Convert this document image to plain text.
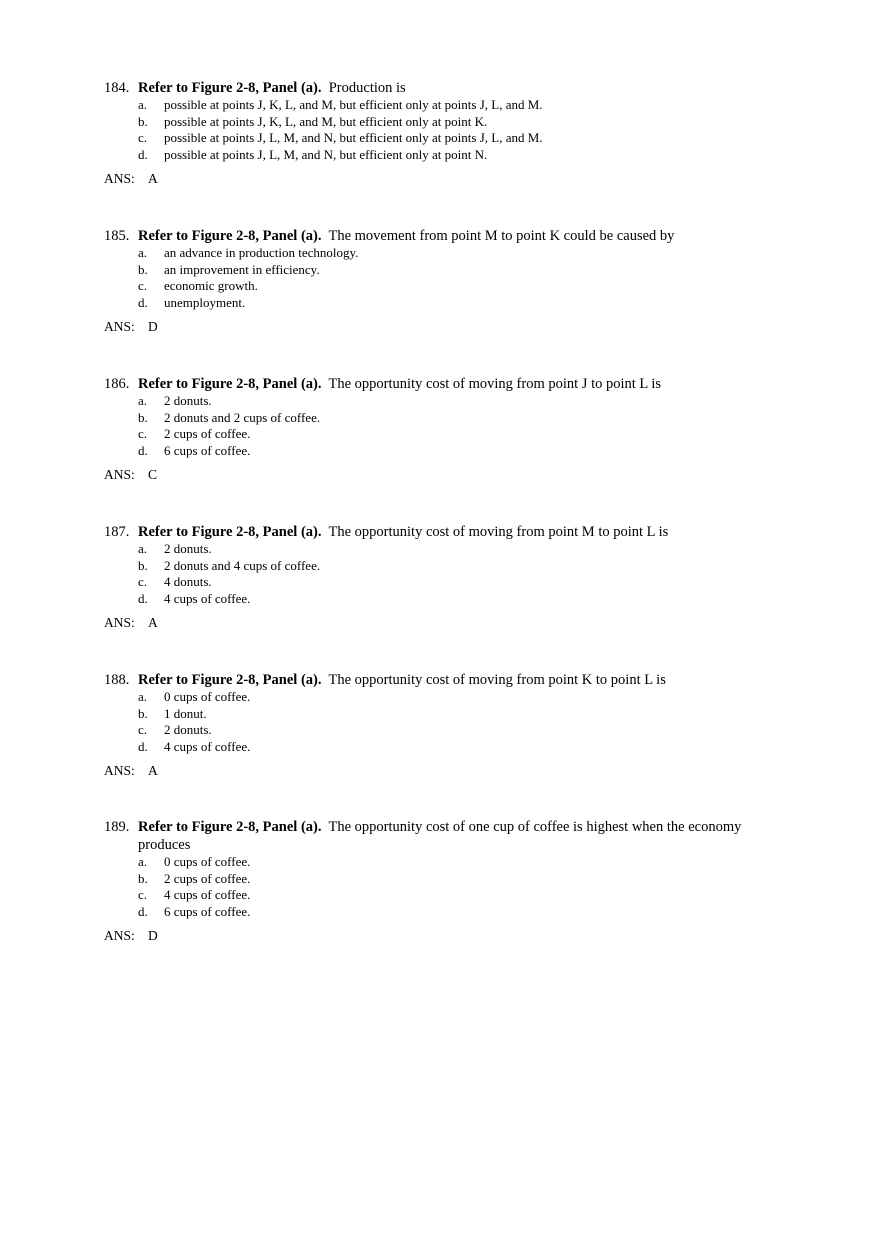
184. Refer to Figure 2-8, Panel (a). Production is
a. possible at points J, K, L, and M, but efficient only at points J, L, and M.
b. possible at points J, K, L, and M, but efficient only at point K.
c. possible at points J, L, M, and N, but efficient only at points J, L, and M.
d. possible at points J, L, M, and N, but efficient only at point N.
ANS: A
185. Refer to Figure 2-8, Panel (a). The movement from point M to point K could be caused by
a. an advance in production technology.
b. an improvement in efficiency.
c. economic growth.
d. unemployment.
ANS: D
186. Refer to Figure 2-8, Panel (a). The opportunity cost of moving from point J to point L is
a. 2 donuts.
b. 2 donuts and 2 cups of coffee.
c. 2 cups of coffee.
d. 6 cups of coffee.
ANS: C
187. Refer to Figure 2-8, Panel (a). The opportunity cost of moving from point M to point L is
a. 2 donuts.
b. 2 donuts and 4 cups of coffee.
c. 4 donuts.
d. 4 cups of coffee.
ANS: A
188. Refer to Figure 2-8, Panel (a). The opportunity cost of moving from point K to point L is
a. 0 cups of coffee.
b. 1 donut.
c. 2 donuts.
d. 4 cups of coffee.
ANS: A
189. Refer to Figure 2-8, Panel (a). The opportunity cost of one cup of coffee is highest when the economy produces
a. 0 cups of coffee.
b. 2 cups of coffee.
c. 4 cups of coffee.
d. 6 cups of coffee.
ANS: D
